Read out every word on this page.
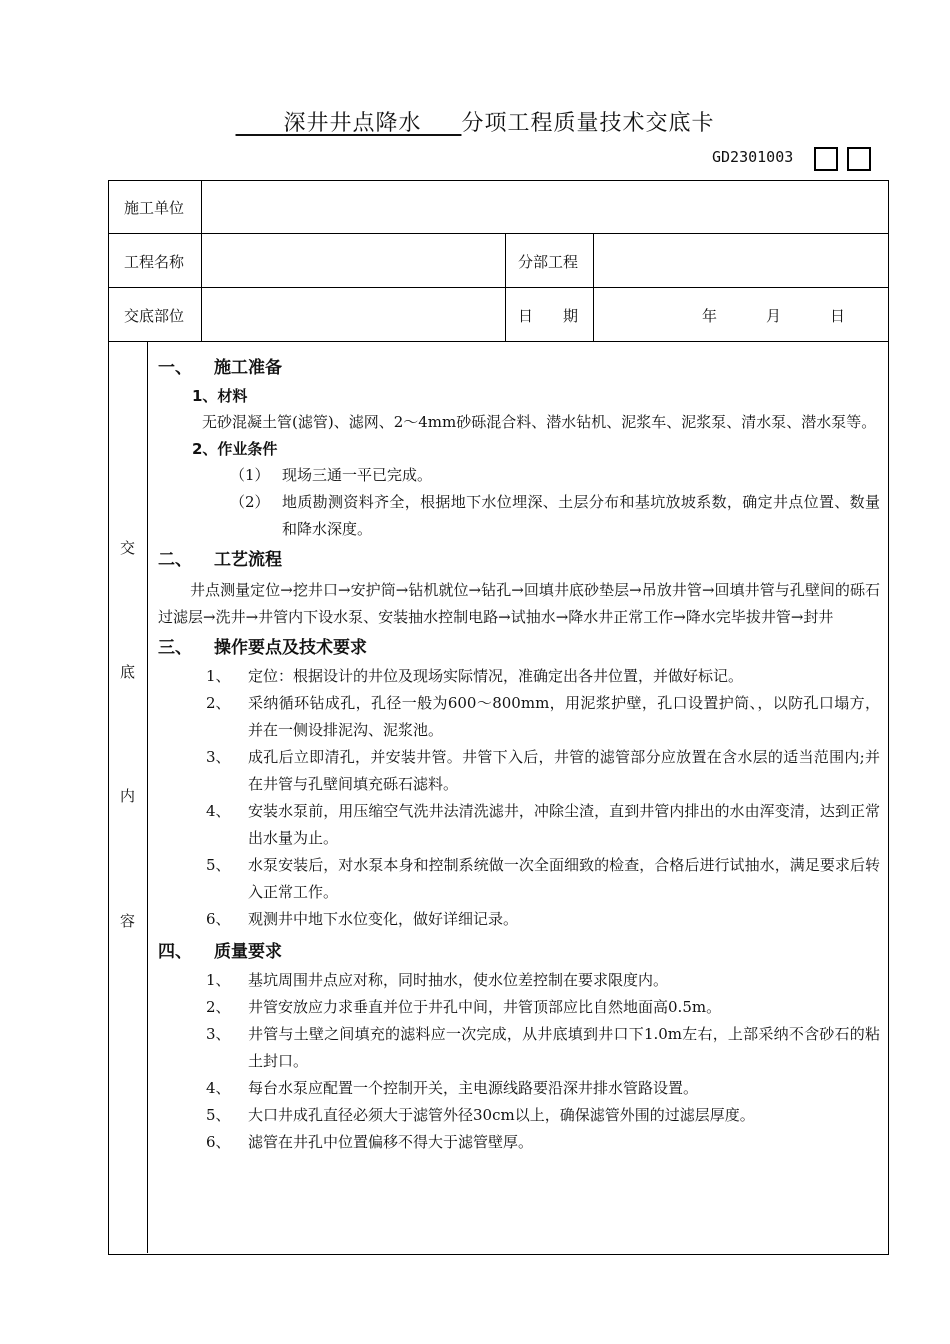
深井井点降水 分项工程质量技术交底卡
GD2301003
施工单位
工程名称	分部工程
交底部位	日　　期	年	月	日
交
底
内
容
一、 施工准备
1、材料
无砂混凝土管(滤管)、滤网、2～4mm砂砾混合料、潜水钻机、泥浆车、泥浆泵、清水泵、潜水泵等。
2、作业条件
（1） 现场三通一平已完成。
（2） 地质勘测资料齐全，根据地下水位埋深、土层分布和基坑放坡系数，确定井点位置、数量和降水深度。
二、 工艺流程
井点测量定位→挖井口→安护筒→钻机就位→钻孔→回填井底砂垫层→吊放井管→回填井管与孔壁间的砾石过滤层→洗井→井管内下设水泵、安装抽水控制电路→试抽水→降水井正常工作→降水完毕拔井管→封井
三、 操作要点及技术要求
1、	定位：根据设计的井位及现场实际情况，准确定出各井位置，并做好标记。
2、	采纳循环钻成孔，孔径一般为600～800mm，用泥浆护壁，孔口设置护筒、，以防孔口塌方，并在一侧设排泥沟、泥浆池。
3、	成孔后立即清孔，并安装井管。井管下入后，井管的滤管部分应放置在含水层的适当范围内;并在井管与孔壁间填充砾石滤料。
4、	安装水泵前，用压缩空气洗井法清洗滤井，冲除尘渣，直到井管内排出的水由浑变清，达到正常出水量为止。
5、	水泵安装后，对水泵本身和控制系统做一次全面细致的检查，合格后进行试抽水，满足要求后转入正常工作。
6、	观测井中地下水位变化，做好详细记录。
四、 质量要求
1、	基坑周围井点应对称，同时抽水，使水位差控制在要求限度内。
2、	井管安放应力求垂直并位于井孔中间，井管顶部应比自然地面高0.5m。
3、	井管与土壁之间填充的滤料应一次完成，从井底填到井口下1.0m左右，上部采纳不含砂石的粘土封口。
4、	每台水泵应配置一个控制开关，主电源线路要沿深井排水管路设置。
5、	大口井成孔直径必须大于滤管外径30cm以上，确保滤管外围的过滤层厚度。
6、	滤管在井孔中位置偏移不得大于滤管壁厚。
